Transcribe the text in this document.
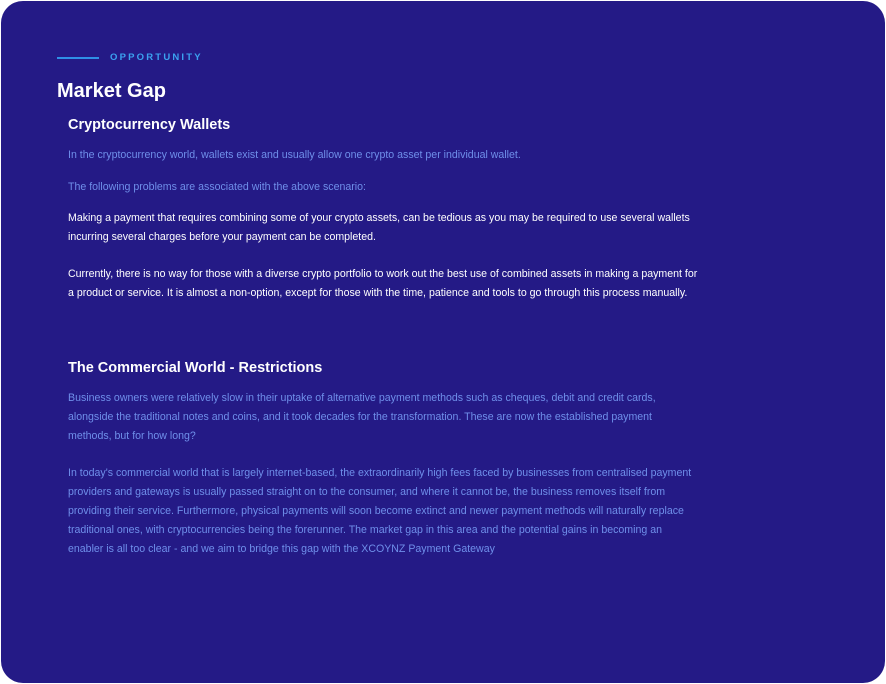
OPPORTUNITY
Market Gap
Cryptocurrency Wallets

In the cryptocurrency world, wallets exist and usually allow one crypto asset per individual wallet.

The following problems are associated with the above scenario:

Making a payment that requires combining some of your crypto assets, can be tedious as you may be required to use several wallets incurring several charges before your payment can be completed.

Currently, there is no way for those with a diverse crypto portfolio to work out the best use of combined assets in making a payment for a product or service. It is almost a non-option, except for those with the time, patience and tools to go through this process manually.

The Commercial World - Restrictions

Business owners were relatively slow in their uptake of alternative payment methods such as cheques, debit and credit cards, alongside the traditional notes and coins, and it took decades for the transformation. These are now the established payment methods, but for how long?

In today's commercial world that is largely internet-based, the extraordinarily high fees faced by businesses from centralised payment providers and gateways is usually passed straight on to the consumer, and where it cannot be, the business removes itself from providing their service. Furthermore, physical payments will soon become extinct and newer payment methods will naturally replace traditional ones, with cryptocurrencies being the forerunner. The market gap in this area and the potential gains in becoming an enabler is all too clear - and we aim to bridge this gap with the XCOYNZ Payment Gateway
